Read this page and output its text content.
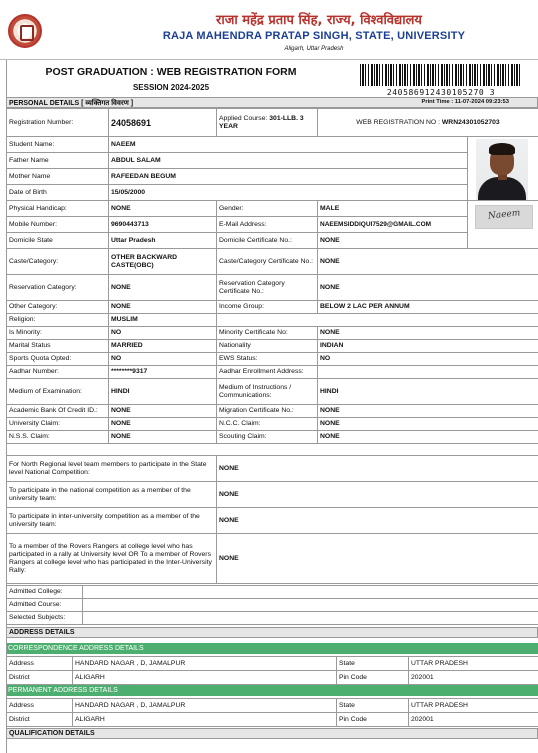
राजा महेंद्र प्रताप सिंह, राज्य, विश्वविद्यालय
RAJA MAHENDRA PRATAP SINGH, STATE, UNIVERSITY
Aligarh, Uttar Pradesh
POST GRADUATION : WEB REGISTRATION FORM
SESSION 2024-2025
240586912430105270 3
PERSONAL DETAILS [ व्यक्तिगत विवरण ]	Print Time : 11-07-2024 09:23:53
Registration Number:	24058691	Applied Course: 301-LLB. 3 YEAR	WEB REGISTRATION NO : WRN24301052703	
Student Name:	NAEEM			

Father Name	ABDUL SALAM			
Mother Name	RAFEEDAN BEGUM			
Date of Birth	15/05/2000			
Physical Handicap:	NONE	Gender:	MALE	Naeem

Mobile Number:	9690443713	E-Mail Address:	NAEEMSIDDIQUI7529@GMAIL.COM	
Domicile State	Uttar Pradesh	Domicile Certificate No.:	NONE	
Caste/Category:	OTHER BACKWARD CASTE(OBC)	Caste/Category Certificate No.:	NONE	
Reservation Category:	NONE	Reservation Category Certificate No.:	NONE	
Other Category:	NONE	Income Group:	BELOW 2 LAC PER ANNUM	
Religion:	MUSLIM			
Is Minority:	NO	Minority Certificate No:	NONE	
Marital Status	MARRIED	Nationality	INDIAN	
Sports Quota Opted:	NO	EWS Status:	NO	
Aadhar Number:	********9317	Aadhar Enrollment Address:		
Medium of Examination:	HINDI	Medium of Instructions / Communications:	HINDI	
Academic Bank Of Credit ID.:	NONE	Migration Certificate No.:	NONE	
University Claim:	NONE	N.C.C. Claim:	NONE	
N.S.S. Claim:	NONE	Scouting Claim:	NONE	
For North Regional level team members to participate in the State level National Competition:	NONE
To participate in the national competition as a member of the university team:	NONE
To participate in inter-university competition as a member of the university team:	NONE
To a member of the Rovers Rangers at college level who has participated in a rally at University level OR To a member of Rovers Rangers at college level who has participated in the Inter-University Rally:	NONE
Admitted College:	
Admitted Course:	
Selected Subjects:	
ADDRESS DETAILS
CORRESPONDENCE ADDRESS DETAILS
Address	HANDARD NAGAR , D, JAMALPUR	State	UTTAR PRADESH
District	ALIGARH	Pin Code	202001
PERMANENT ADDRESS DETAILS
Address	HANDARD NAGAR , D, JAMALPUR	State	UTTAR PRADESH
District	ALIGARH	Pin Code	202001
QUALIFICATION DETAILS
